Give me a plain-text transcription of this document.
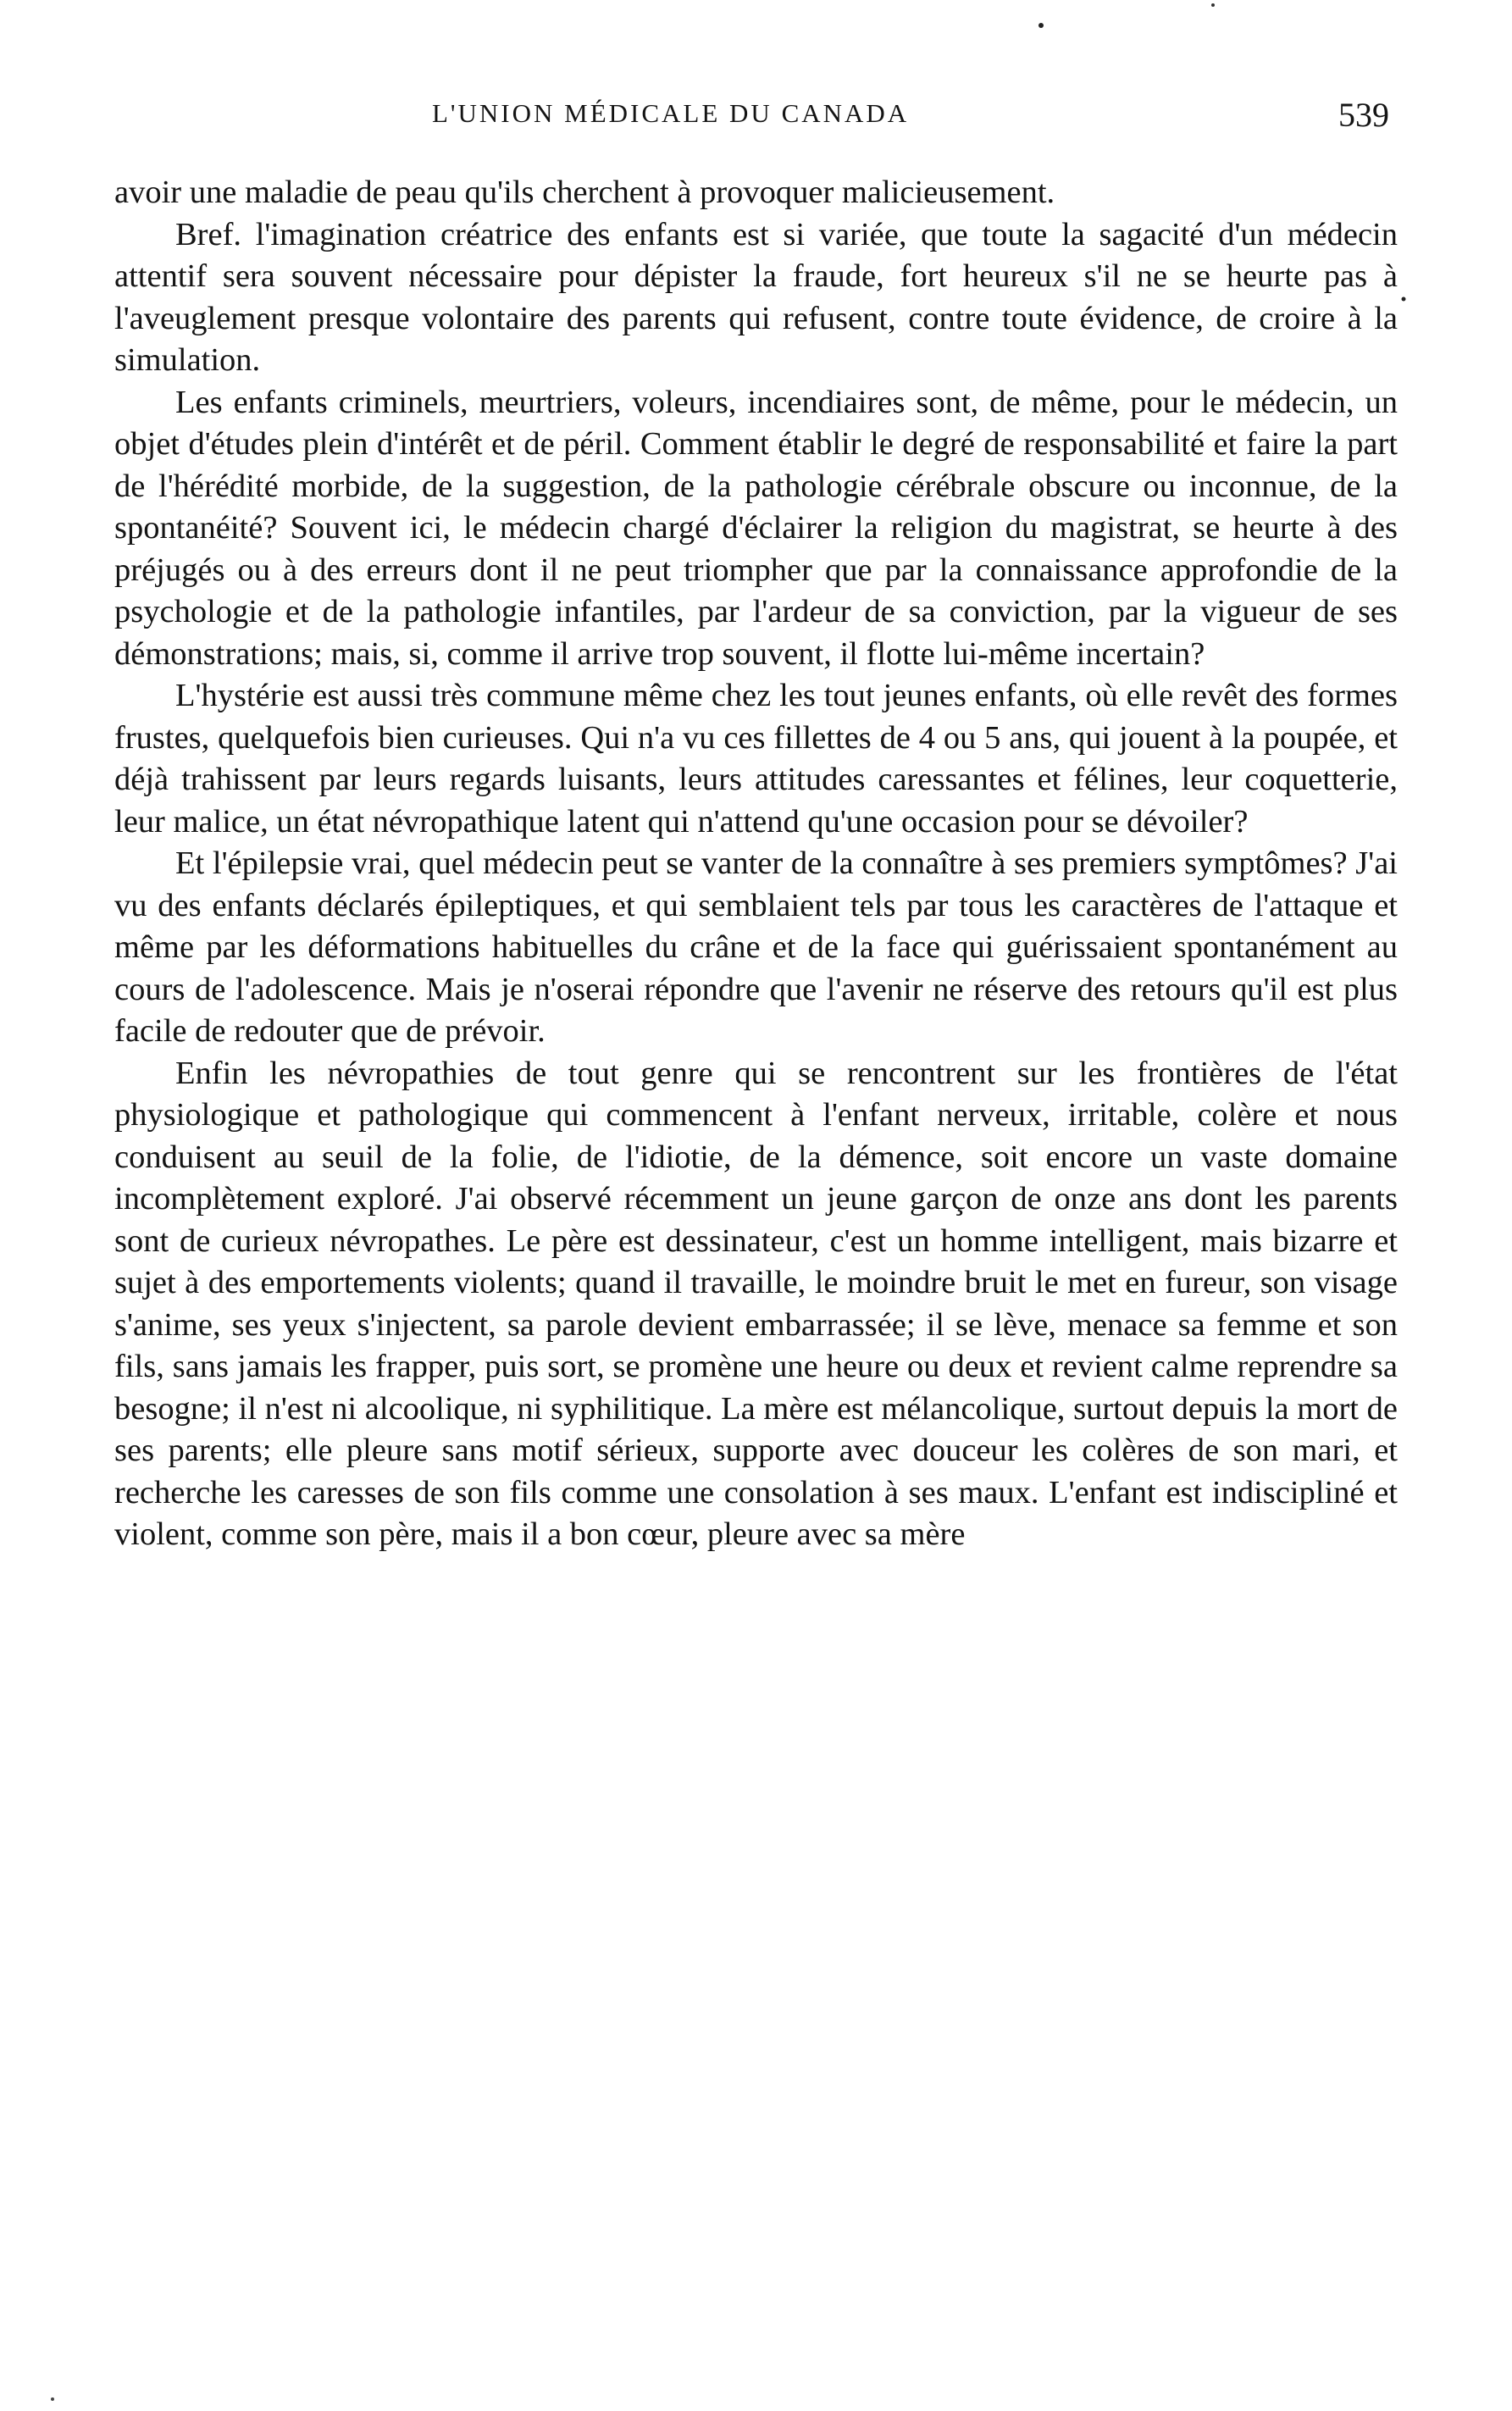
L'UNION MÉDICALE DU CANADA	539

avoir une maladie de peau qu'ils cherchent à provoquer malicieusement.

Bref. l'imagination créatrice des enfants est si variée, que toute la sagacité d'un médecin attentif sera souvent nécessaire pour dépister la fraude, fort heureux s'il ne se heurte pas à l'aveuglement presque volontaire des parents qui refusent, contre toute évidence, de croire à la simulation.

Les enfants criminels, meurtriers, voleurs, incendiaires sont, de même, pour le médecin, un objet d'études plein d'intérêt et de péril. Comment établir le degré de responsabilité et faire la part de l'hérédité morbide, de la suggestion, de la pathologie cérébrale obscure ou inconnue, de la spontanéité? Souvent ici, le médecin chargé d'éclairer la religion du magistrat, se heurte à des préjugés ou à des erreurs dont il ne peut triompher que par la connaissance approfondie de la psychologie et de la pathologie infantiles, par l'ardeur de sa conviction, par la vigueur de ses démonstrations; mais, si, comme il arrive trop souvent, il flotte lui-même incertain?

L'hystérie est aussi très commune même chez les tout jeunes enfants, où elle revêt des formes frustes, quelquefois bien curieuses. Qui n'a vu ces fillettes de 4 ou 5 ans, qui jouent à la poupée, et déjà trahissent par leurs regards luisants, leurs attitudes caressantes et félines, leur coquetterie, leur malice, un état névropathique latent qui n'attend qu'une occasion pour se dévoiler?

Et l'épilepsie vrai, quel médecin peut se vanter de la connaître à ses premiers symptômes? J'ai vu des enfants déclarés épileptiques, et qui semblaient tels par tous les caractères de l'attaque et même par les déformations habituelles du crâne et de la face qui guérissaient spontanément au cours de l'adolescence. Mais je n'oserai répondre que l'avenir ne réserve des retours qu'il est plus facile de redouter que de prévoir.

Enfin les névropathies de tout genre qui se rencontrent sur les frontières de l'état physiologique et pathologique qui commencent à l'enfant nerveux, irritable, colère et nous conduisent au seuil de la folie, de l'idiotie, de la démence, soit encore un vaste domaine incomplètement exploré. J'ai observé récemment un jeune garçon de onze ans dont les parents sont de curieux névropathes. Le père est dessinateur, c'est un homme intelligent, mais bizarre et sujet à des emportements violents; quand il travaille, le moindre bruit le met en fureur, son visage s'anime, ses yeux s'injectent, sa parole devient embarrassée; il se lève, menace sa femme et son fils, sans jamais les frapper, puis sort, se promène une heure ou deux et revient calme reprendre sa besogne; il n'est ni alcoolique, ni syphilitique. La mère est mélancolique, surtout depuis la mort de ses parents; elle pleure sans motif sérieux, supporte avec douceur les colères de son mari, et recherche les caresses de son fils comme une consolation à ses maux. L'enfant est indiscipliné et violent, comme son père, mais il a bon cœur, pleure avec sa mère
